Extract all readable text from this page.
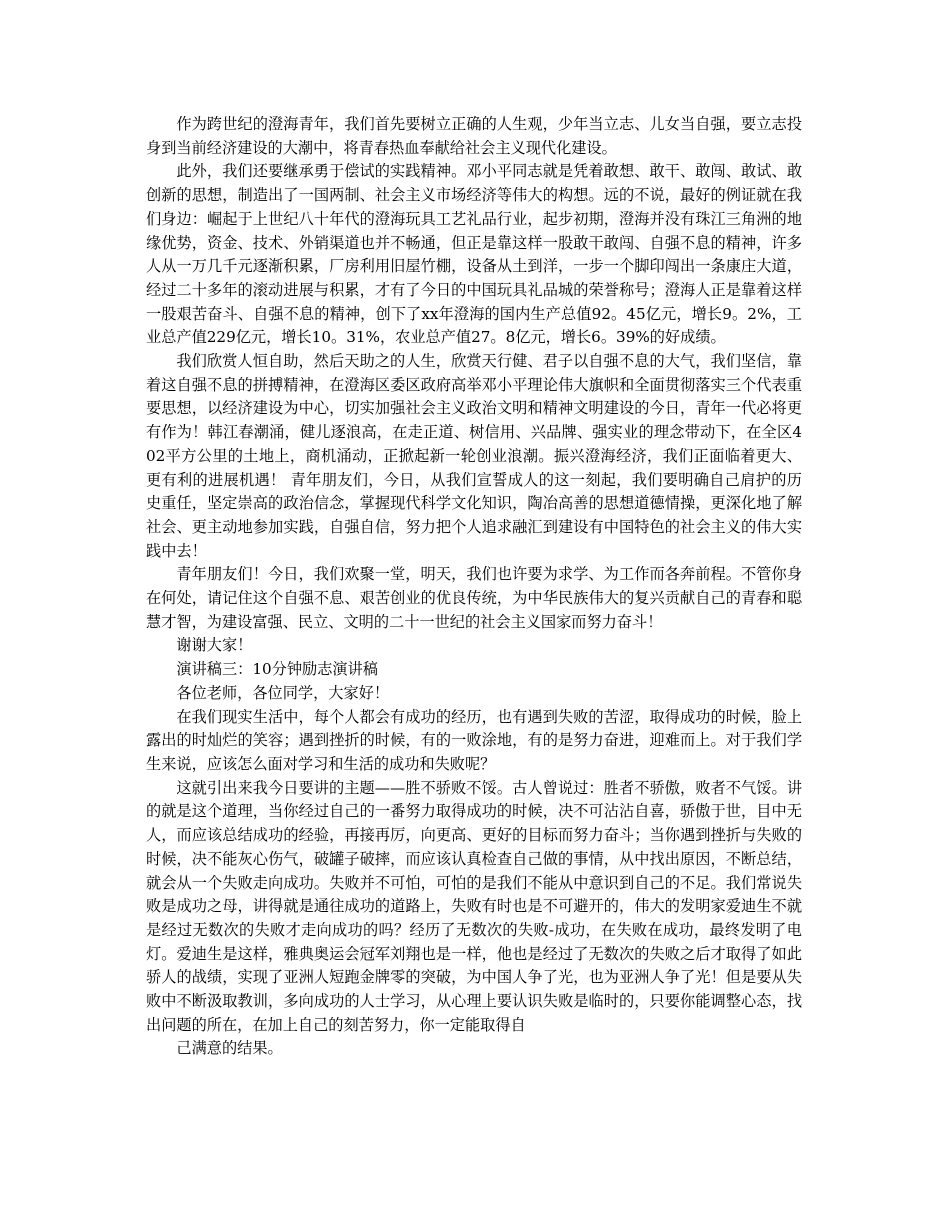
作为跨世纪的澄海青年，我们首先要树立正确的人生观，少年当立志、儿女当自强，要立志投身到当前经济建设的大潮中，将青春热血奉献给社会主义现代化建设。

此外，我们还要继承勇于偿试的实践精神。邓小平同志就是凭着敢想、敢干、敢闯、敢试、敢创新的思想，制造出了一国两制、社会主义市场经济等伟大的构想。远的不说，最好的例证就在我们身边：崛起于上世纪八十年代的澄海玩具工艺礼品行业，起步初期，澄海并没有珠江三角洲的地缘优势，资金、技术、外销渠道也并不畅通，但正是靠这样一股敢干敢闯、自强不息的精神，许多人从一万几千元逐渐积累，厂房利用旧屋竹棚，设备从土到洋，一步一个脚印闯出一条康庄大道，经过二十多年的滚动进展与积累，才有了今日的中国玩具礼品城的荣誉称号；澄海人正是靠着这样一股艰苦奋斗、自强不息的精神，创下了xx年澄海的国内生产总值92。45亿元，增长9。2%，工业总产值229亿元，增长10。31%，农业总产值27。8亿元，增长6。39%的好成绩。

我们欣赏人恒自助，然后天助之的人生，欣赏天行健、君子以自强不息的大气，我们坚信，靠着这自强不息的拼搏精神，在澄海区委区政府高举邓小平理论伟大旗帜和全面贯彻落实三个代表重要思想，以经济建设为中心，切实加强社会主义政治文明和精神文明建设的今日，青年一代必将更有作为！韩江春潮涌，健儿逐浪高，在走正道、树信用、兴品牌、强实业的理念带动下，在全区402平方公里的土地上，商机涌动，正掀起新一轮创业浪潮。振兴澄海经济，我们正面临着更大、更有利的进展机遇！ 青年朋友们，今日，从我们宣誓成人的这一刻起，我们要明确自己肩护的历史重任，坚定崇高的政治信念，掌握现代科学文化知识，陶冶高善的思想道德情操，更深化地了解社会、更主动地参加实践，自强自信，努力把个人追求融汇到建设有中国特色的社会主义的伟大实践中去！

青年朋友们！今日，我们欢聚一堂，明天，我们也许要为求学、为工作而各奔前程。不管你身在何处，请记住这个自强不息、艰苦创业的优良传统，为中华民族伟大的复兴贡献自己的青春和聪慧才智，为建设富强、民立、文明的二十一世纪的社会主义国家而努力奋斗！

谢谢大家！

演讲稿三：10分钟励志演讲稿

各位老师，各位同学，大家好！

在我们现实生活中，每个人都会有成功的经历，也有遇到失败的苦涩，取得成功的时候，脸上露出的时灿烂的笑容；遇到挫折的时候，有的一败涂地，有的是努力奋进，迎难而上。对于我们学生来说，应该怎么面对学习和生活的成功和失败呢？

这就引出来我今日要讲的主题——胜不骄败不馁。古人曾说过：胜者不骄傲，败者不气馁。讲的就是这个道理，当你经过自己的一番努力取得成功的时候，决不可沾沾自喜，骄傲于世，目中无人，而应该总结成功的经验，再接再厉，向更高、更好的目标而努力奋斗；当你遇到挫折与失败的时候，决不能灰心伤气，破罐子破摔，而应该认真检查自己做的事情，从中找出原因，不断总结，就会从一个失败走向成功。失败并不可怕，可怕的是我们不能从中意识到自己的不足。我们常说失败是成功之母，讲得就是通往成功的道路上，失败有时也是不可避开的，伟大的发明家爱迪生不就是经过无数次的失败才走向成功的吗？经历了无数次的失败-成功，在失败在成功，最终发明了电灯。爱迪生是这样，雅典奥运会冠军刘翔也是一样，他也是经过了无数次的失败之后才取得了如此骄人的战绩，实现了亚洲人短跑金牌零的突破，为中国人争了光，也为亚洲人争了光！但是要从失败中不断汲取教训，多向成功的人士学习，从心理上要认识失败是临时的，只要你能调整心态，找出问题的所在，在加上自己的刻苦努力，你一定能取得自

己满意的结果。
